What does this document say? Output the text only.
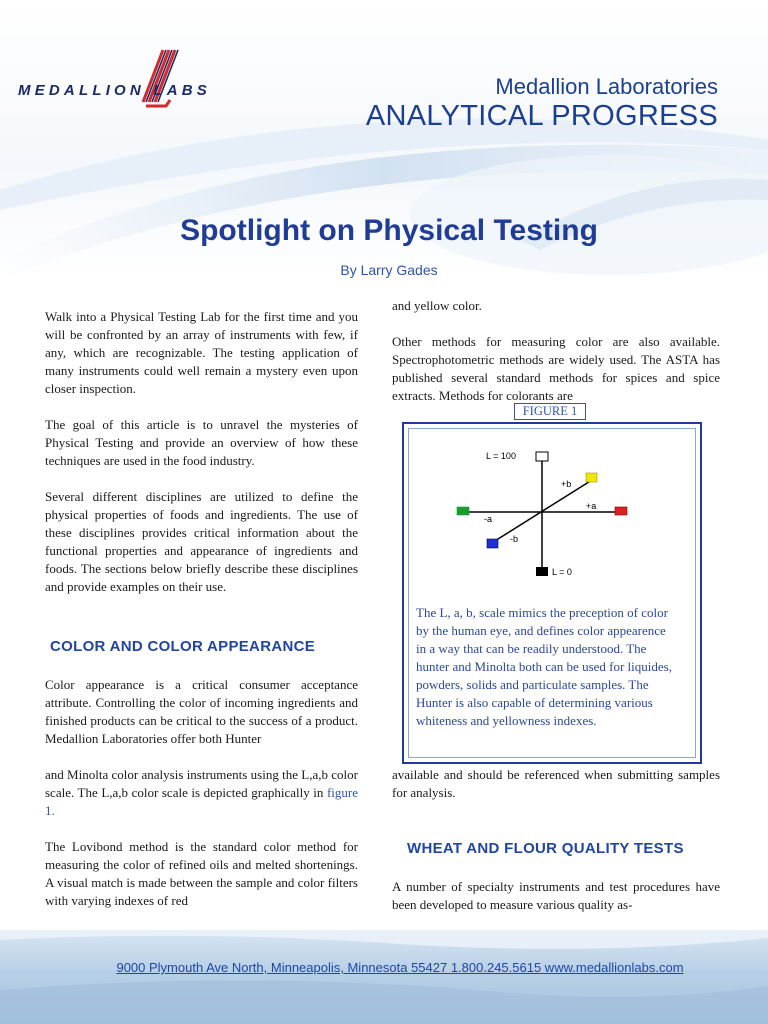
MEDALLION LABS	Medallion Laboratories
ANALYTICAL PROGRESS
Spotlight on Physical Testing
By Larry Gades

Walk into a Physical Testing Lab for the first time and you will be confronted by an array of instruments with few, if any, which are recognizable. The testing application of many instruments could well remain a mystery even upon closer inspection.

The goal of this article is to unravel the mysteries of Physical Testing and provide an overview of how these techniques are used in the food industry.

Several different disciplines are utilized to define the physical properties of foods and ingredients. The use of these disciplines provides critical information about the functional properties and appearance of ingredients and foods. The sections below briefly describe these disciplines and provide examples on their use.

COLOR AND COLOR APPEARANCE

Color appearance is a critical consumer acceptance attribute. Controlling the color of incoming ingredients and finished products can be critical to the success of a product. Medallion Laboratories offer both Hunter

and Minolta color analysis instruments using the L,a,b color scale. The L,a,b color scale is depicted graphically in figure 1.

The Lovibond method is the standard color method for measuring the color of refined oils and melted shortenings. A visual match is made between the sample and color filters with varying indexes of red

and yellow color.

Other methods for measuring color are also available. Spectrophotometric methods are widely used. The ASTA has published several standard methods for spices and spice extracts. Methods for colorants are

FIGURE 1
L = 100
L = 0
+a
-a
+b
-b
The L, a, b, scale mimics the preception of color by the human eye, and defines color appearence in a way that can be readily understood. The hunter and Minolta both can be used for liquides, powders, solids and particulate samples. The Hunter is also capable of determining various whiteness and yellowness indexes.

available and should be referenced when submitting samples for analysis.

WHEAT AND FLOUR QUALITY TESTS

A number of specialty instruments and test procedures have been developed to measure various quality as-

9000 Plymouth Ave North, Minneapolis, Minnesota 55427 1.800.245.5615 www.medallionlabs.com
